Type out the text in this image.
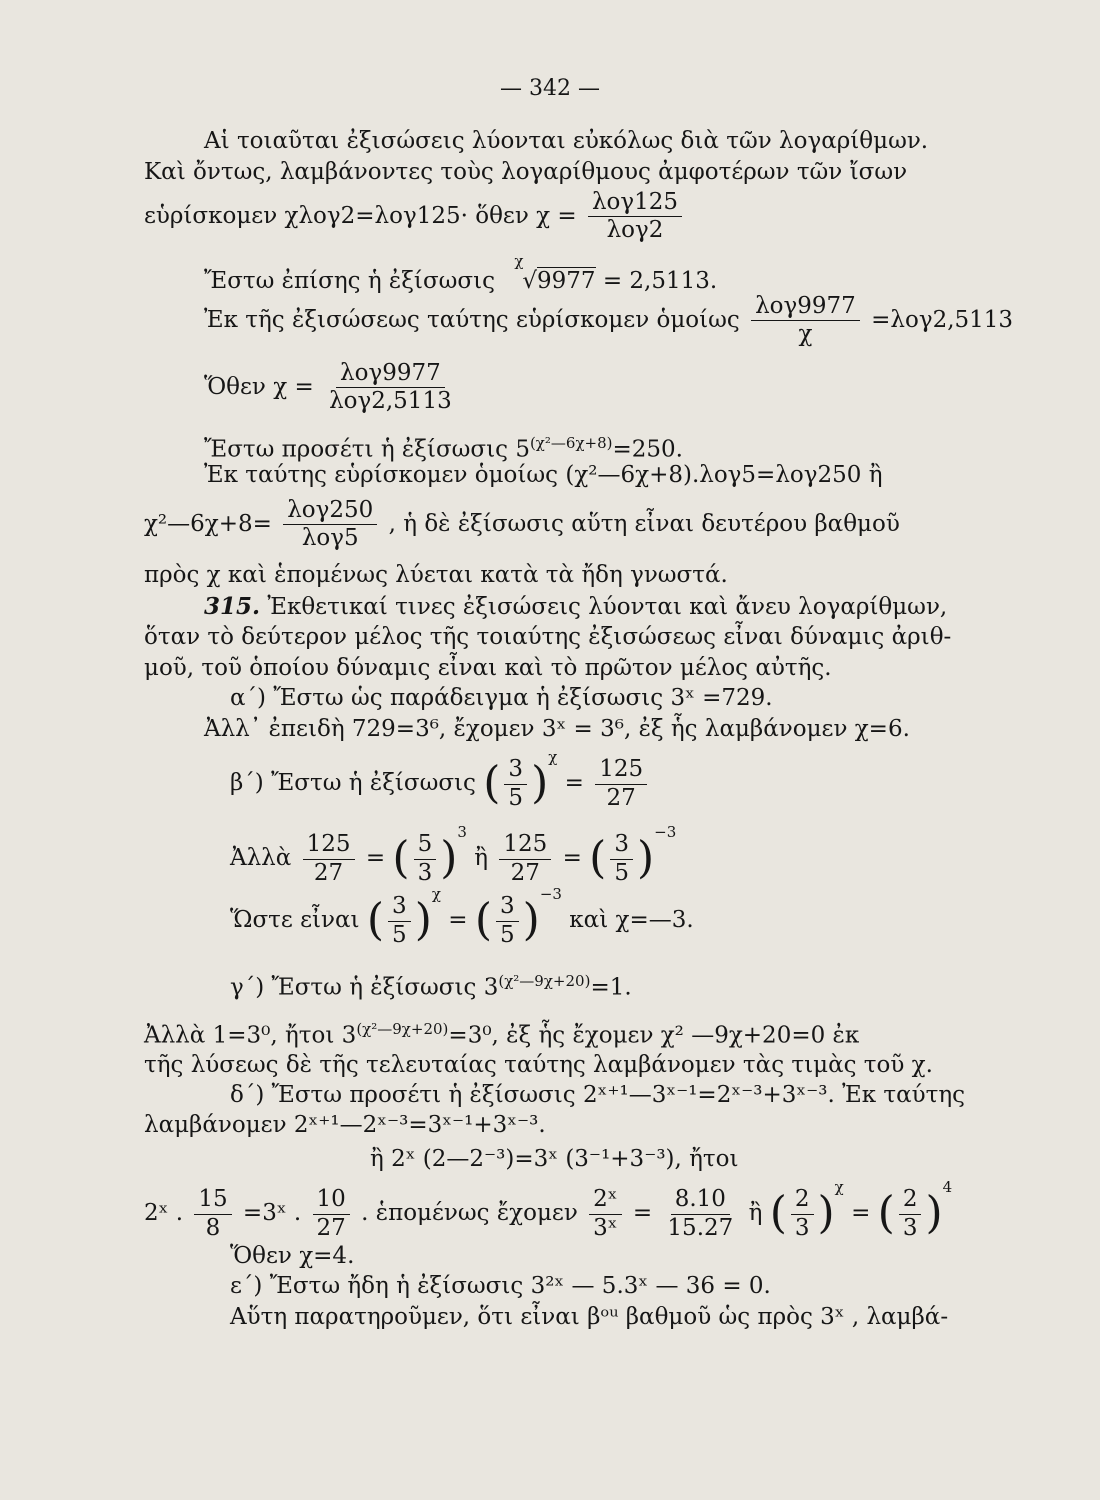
— 342 —
Αἱ τοιαῦται ἐξισώσεις λύονται εὐκόλως διὰ τῶν λογαρίθμων.
Καὶ ὄντως, λαμβάνοντες τοὺς λογαρίθμους ἀμφοτέρων τῶν ἴσων
εὑρίσκομεν χλογ2=λογ125· ὅθεν $\chi = \frac{\text{λογ125}}{\text{λογ2}}$
Ἔστω ἐπίσης ἡ ἐξίσωσις
χ
√9977 = 2,5113.
Ἐκ τῆς ἐξισώσεως ταύτης εὑρίσκομεν ὁμοίως $\frac{\text{λογ9977}}{\chi} =\lambda o\gamma 2,5113$
Ὅθεν $\chi = \frac{\text{λογ9977}}{\text{λογ2,5113}}$
Ἔστω προσέτι ἡ ἐξίσωσις $5^{(\chi^2—6\chi+8)}=250$.
Ἐκ ταύτης εὑρίσκομεν ὁμοίως (χ²—6χ+8).λογ5=λογ250 ἢ
χ²—6χ+8= $\frac{\text{λογ250}}{\text{λογ5}}$ , ἡ δὲ ἐξίσωσις αὕτη εἶναι δευτέρου βαθμοῦ
πρὸς χ καὶ ἑπομένως λύεται κατὰ τὰ ἤδη γνωστά.
315. Ἐκθετικαί τινες ἐξισώσεις λύονται καὶ ἄνευ λογαρίθμων,
ὅταν τὸ δεύτερον μέλος τῆς τοιαύτης ἐξισώσεως εἶναι δύναμις ἀριθ-
μοῦ, τοῦ ὁποίου δύναμις εἶναι καὶ τὸ πρῶτον μέλος αὐτῆς.
α΄) Ἔστω ὡς παράδειγμα ἡ ἐξίσωσις 3ˣ =729.
Ἀλλ᾽ ἐπειδὴ 729=3⁶, ἔχομεν 3ˣ = 3⁶, ἐξ ἧς λαμβάνομεν χ=6.
β΄) Ἔστω ἡ ἐξίσωσις ( $\frac{3}{5} )^\chi = \frac{125}{27}$
Ἀλλὰ $\frac{125}{27}$ = ( $\frac{5}{3} )^3$ ἢ $\frac{125}{27}$ = ( $\frac{3}{5} )^{-3}$
Ὥστε εἶναι ( $\frac{3}{5} )^\chi$ = ( $\frac{3}{5} )^{-3}$ καὶ χ=—3.
γ΄) Ἔστω ἡ ἐξίσωσις $3^{(\chi^2—9\chi+20)}=1$.
Ἀλλὰ 1=3⁰, ἤτοι $3^{(\chi^2—9\chi+20)}=3^0$, ἐξ ἧς ἔχομεν χ² —9χ+20=0 ἐκ
τῆς λύσεως δὲ τῆς τελευταίας ταύτης λαμβάνομεν τὰς τιμὰς τοῦ χ.
δ΄) Ἔστω προσέτι ἡ ἐξίσωσις 2ˣ⁺¹—3ˣ⁻¹=2ˣ⁻³+3ˣ⁻³. Ἐκ ταύτης
λαμβάνομεν 2ˣ⁺¹—2ˣ⁻³=3ˣ⁻¹+3ˣ⁻³.
ἢ 2ˣ (2—2⁻³)=3ˣ (3⁻¹+3⁻³), ἤτοι
2ˣ . $\frac{15}{8}$ =3ˣ . $\frac{10}{27}$ . ἑπομένως ἔχομεν $\frac{\text{2ˣ}}{\text{3ˣ}} = \frac{8.10}{15.27}$ ἢ ( $\frac{2}{3} )^\chi$ = ( $\frac{2}{3} )^4$
Ὅθεν χ=4.
ε΄) Ἔστω ἤδη ἡ ἐξίσωσις 3²ˣ — 5.3ˣ — 36 = 0.
Αὕτη παρατηροῦμεν, ὅτι εἶναι βᵒᵘ βαθμοῦ ὡς πρὸς 3ˣ , λαμβά-
